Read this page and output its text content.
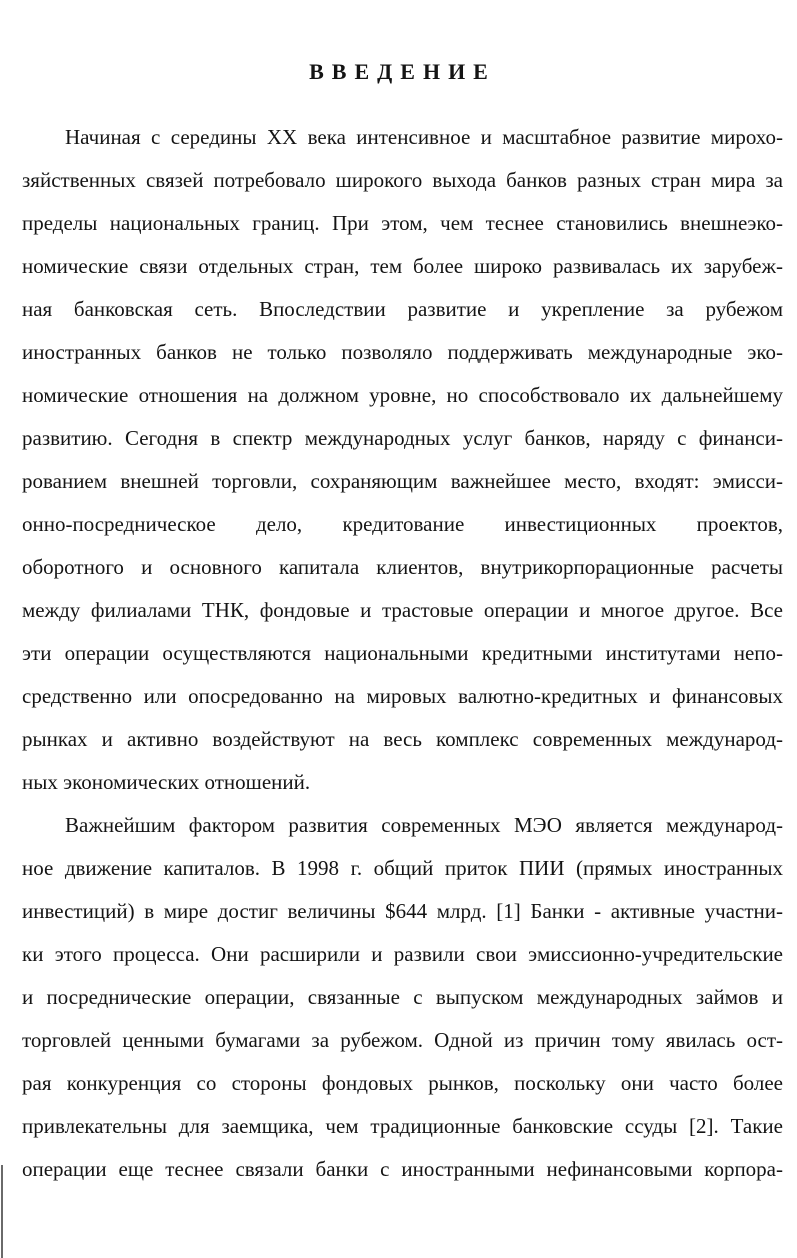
ВВЕДЕНИЕ
Начиная с середины XX века интенсивное и масштабное развитие мирохо-
зяйственных связей потребовало широкого выхода банков разных стран мира за
пределы национальных границ. При этом, чем теснее становились внешнеэко-
номические связи отдельных стран, тем более широко развивалась их зарубеж-
ная банковская сеть. Впоследствии развитие и укрепление за рубежом
иностранных банков не только позволяло поддерживать международные эко-
номические отношения на должном уровне, но способствовало их дальнейшему
развитию. Сегодня в спектр международных услуг банков, наряду с финанси-
рованием внешней торговли, сохраняющим важнейшее место, входят: эмисси-
онно-посредническое дело, кредитование инвестиционных проектов,
оборотного и основного капитала клиентов, внутрикорпорационные расчеты
между филиалами ТНК, фондовые и трастовые операции и многое другое. Все
эти операции осуществляются национальными кредитными институтами непо-
средственно или опосредованно на мировых валютно-кредитных и финансовых
рынках и активно воздействуют на весь комплекс современных международ-
ных экономических отношений.
Важнейшим фактором развития современных МЭО является международ-
ное движение капиталов. В 1998 г. общий приток ПИИ (прямых иностранных
инвестиций) в мире достиг величины $644 млрд. [1] Банки - активные участни-
ки этого процесса. Они расширили и развили свои эмиссионно-учредительские
и посреднические операции, связанные с выпуском международных займов и
торговлей ценными бумагами за рубежом. Одной из причин тому явилась ост-
рая конкуренция со стороны фондовых рынков, поскольку они часто более
привлекательны для заемщика, чем традиционные банковские ссуды [2]. Такие
операции еще теснее связали банки с иностранными нефинансовыми корпора-
